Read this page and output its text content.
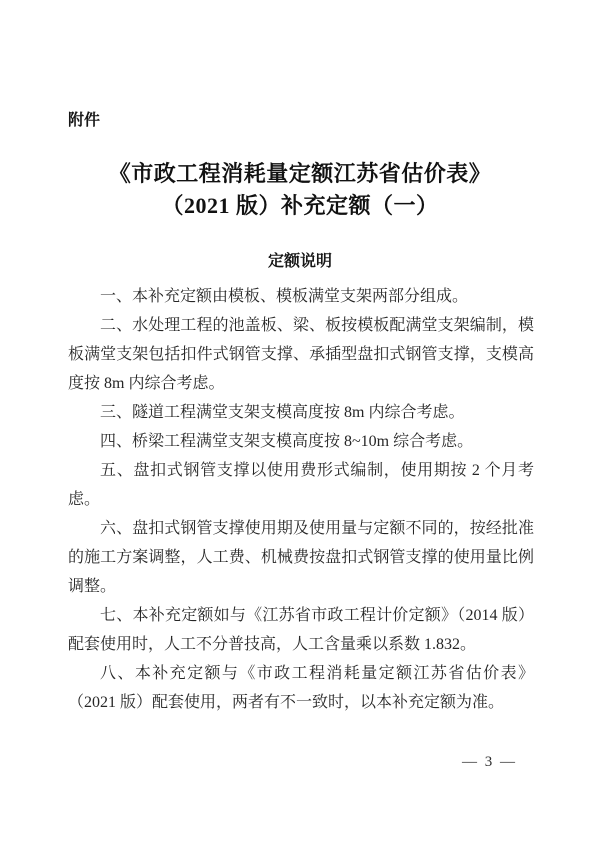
附件
《市政工程消耗量定额江苏省估价表》
（2021 版）补充定额（一）
定额说明

一、本补充定额由模板、模板满堂支架两部分组成。

二、水处理工程的池盖板、梁、板按模板配满堂支架编制，模板满堂支架包括扣件式钢管支撑、承插型盘扣式钢管支撑，支模高度按 8m 内综合考虑。

三、隧道工程满堂支架支模高度按 8m 内综合考虑。

四、桥梁工程满堂支架支模高度按 8~10m 综合考虑。

五、盘扣式钢管支撑以使用费形式编制，使用期按 2 个月考虑。

六、盘扣式钢管支撑使用期及使用量与定额不同的，按经批准的施工方案调整，人工费、机械费按盘扣式钢管支撑的使用量比例调整。

七、本补充定额如与《江苏省市政工程计价定额》（2014 版）配套使用时，人工不分普技高，人工含量乘以系数 1.832。

八、本补充定额与《市政工程消耗量定额江苏省估价表》（2021 版）配套使用，两者有不一致时，以本补充定额为准。

— 3 —
